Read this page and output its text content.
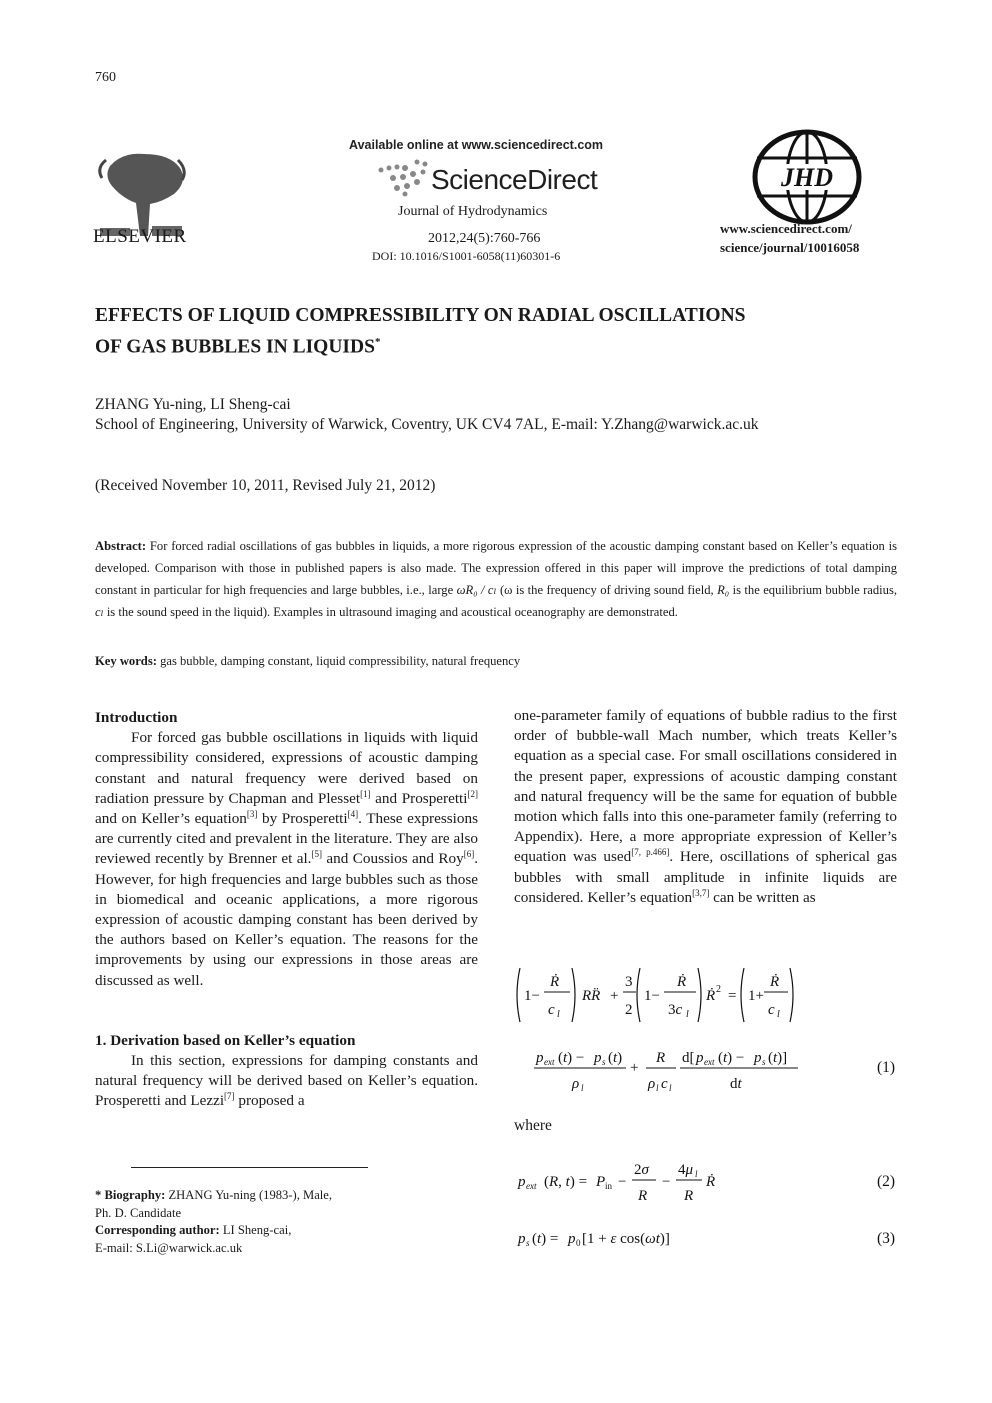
760
ELSEVIER
Available online at www.sciencedirect.com
ScienceDirect
Journal of Hydrodynamics
2012,24(5):760-766
DOI: 10.1016/S1001-6058(11)60301-6
JHD
www.sciencedirect.com/
science/journal/10016058
EFFECTS OF LIQUID COMPRESSIBILITY ON RADIAL OSCILLATIONS
OF GAS BUBBLES IN LIQUIDS*
ZHANG Yu-ning, LI Sheng-cai
School of Engineering, University of Warwick, Coventry, UK CV4 7AL, E-mail: Y.Zhang@warwick.ac.uk
(Received November 10, 2011, Revised July 21, 2012)
Abstract: For forced radial oscillations of gas bubbles in liquids, a more rigorous expression of the acoustic damping constant based on Keller’s equation is developed. Comparison with those in published papers is also made. The expression offered in this paper will improve the predictions of total damping constant in particular for high frequencies and large bubbles, i.e., large ωR₀ / cₗ (ω is the frequency of driving sound field, R₀ is the equilibrium bubble radius, cₗ is the sound speed in the liquid). Examples in ultrasound imaging and acoustical oceanography are demonstrated.
Key words: gas bubble, damping constant, liquid compressibility, natural frequency
Introduction
For forced gas bubble oscillations in liquids with liquid compressibility considered, expressions of acoustic damping constant and natural frequency were derived based on radiation pressure by Chapman and Plesset[1] and Prosperetti[2] and on Keller’s equation[3] by Prosperetti[4]. These expressions are currently cited and prevalent in the literature. They are also reviewed recently by Brenner et al.[5] and Coussios and Roy[6]. However, for high frequencies and large bubbles such as those in biomedical and oceanic applications, a more rigorous expression of acoustic damping constant has been derived by the authors based on Keller’s equation. The reasons for the improvements by using our expressions in those areas are discussed as well.
1. Derivation based on Keller’s equation
In this section, expressions for damping constants and natural frequency will be derived based on Keller’s equation. Prosperetti and Lezzi[7] proposed a
* Biography: ZHANG Yu-ning (1983-), Male,
Ph. D. Candidate
Corresponding author: LI Sheng-cai,
E-mail: S.Li@warwick.ac.uk
one-parameter family of equations of bubble radius to the first order of bubble-wall Mach number, which treats Keller’s equation as a special case. For small oscillations considered in the present paper, expressions of acoustic damping constant and natural frequency will be the same for equation of bubble motion which falls into this one-parameter family (referring to Appendix). Here, a more appropriate expression of Keller’s equation was used[7, p.466]. Here, oscillations of spherical gas bubbles with small amplitude in infinite liquids are considered. Keller’s equation[3,7] can be written as
1−
Ṙ
c l
RR̈ +
3
2
1−
Ṙ
3c l
Ṙ 2 = 1+
Ṙ
c l
p ext (t) − p s (t)
ρ l
+
R
ρ l c l
d[ p ext (t) − p s (t)]
dt
(1)
where
p ext (R, t) = P in −
2σ
R
−
4μ l
R
Ṙ	(2)
p s (t) = p 0 [1 + ε cos(ωt)]	(3)
